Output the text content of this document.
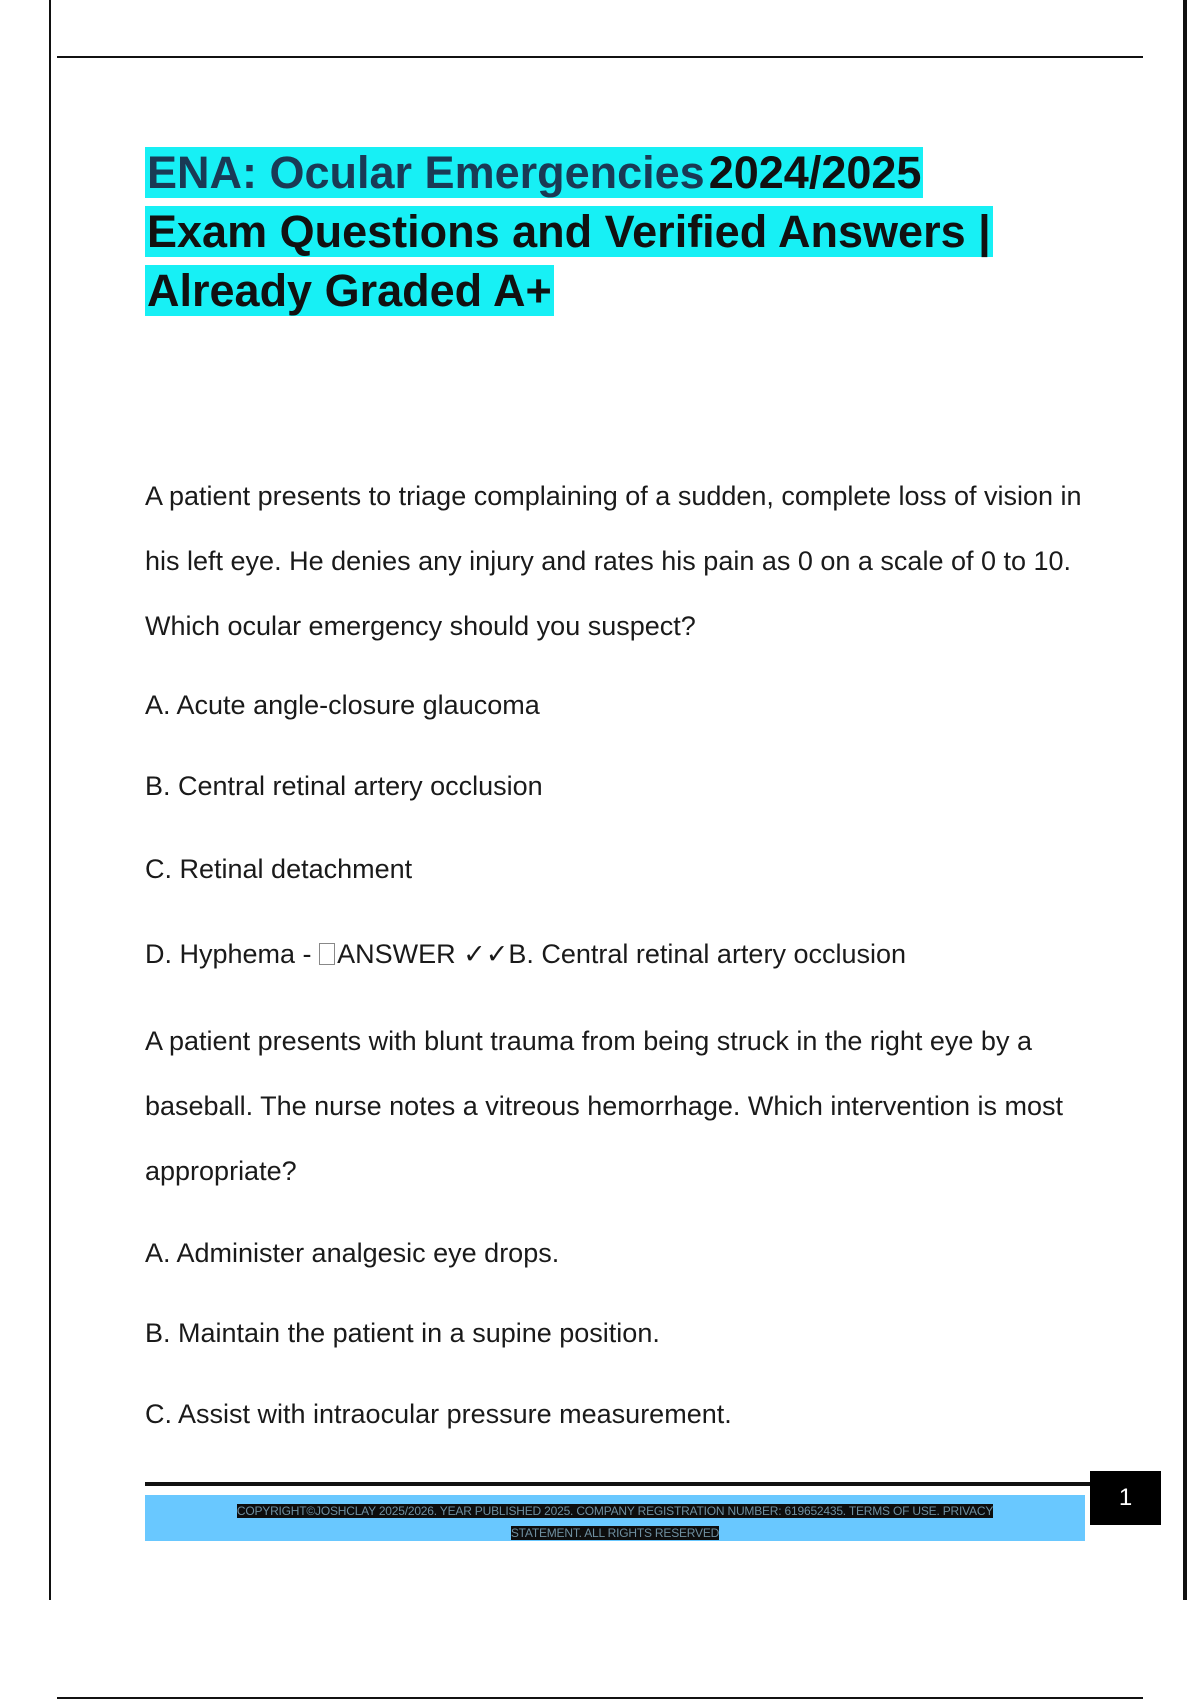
ENA: Ocular Emergencies2024/2025
Exam Questions and Verified Answers |
Already Graded A+

A patient presents to triage complaining of a sudden, complete loss of vision in his left eye. He denies any injury and rates his pain as 0 on a scale of 0 to 10. Which ocular emergency should you suspect?

A. Acute angle-closure glaucoma

B. Central retinal artery occlusion

C. Retinal detachment

D. Hyphema - ANSWER ✓✓B. Central retinal artery occlusion

A patient presents with blunt trauma from being struck in the right eye by a baseball. The nurse notes a vitreous hemorrhage. Which intervention is most appropriate?

A. Administer analgesic eye drops.

B. Maintain the patient in a supine position.

C. Assist with intraocular pressure measurement.

COPYRIGHT©JOSHCLAY 2025/2026. YEAR PUBLISHED 2025. COMPANY REGISTRATION NUMBER: 619652435. TERMS OF USE. PRIVACY
STATEMENT. ALL RIGHTS RESERVED

1
